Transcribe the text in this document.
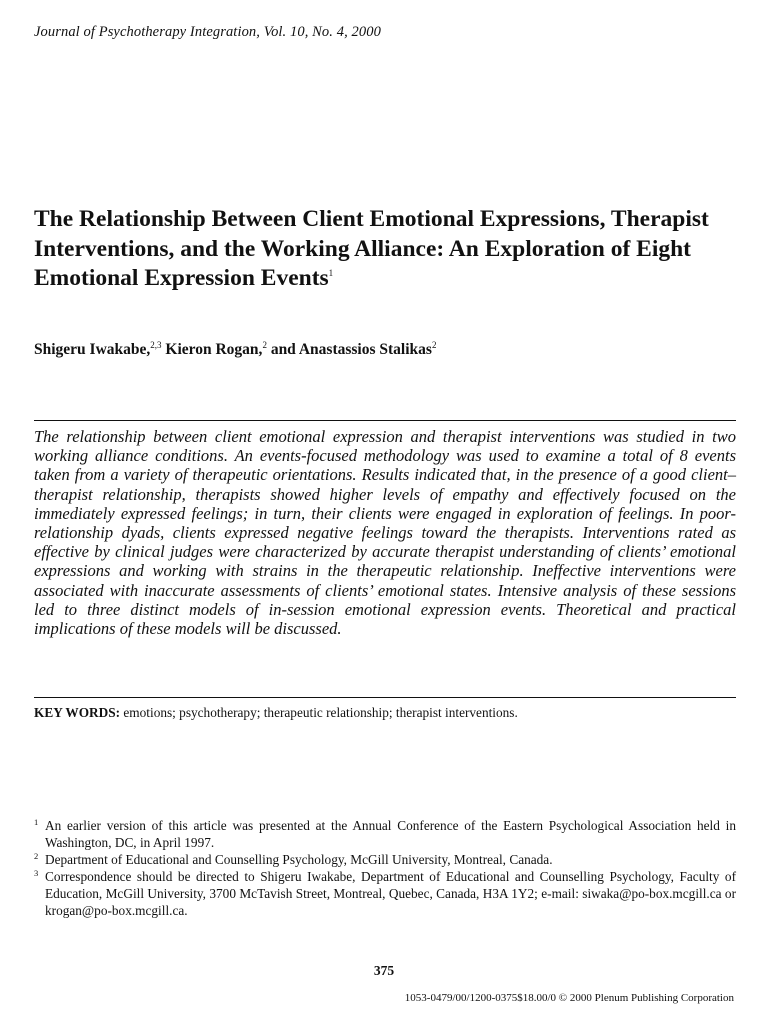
Journal of Psychotherapy Integration, Vol. 10, No. 4, 2000
The Relationship Between Client Emotional Expressions, Therapist Interventions, and the Working Alliance: An Exploration of Eight Emotional Expression Events$^1$
Shigeru Iwakabe,$^{2,3}$ Kieron Rogan,$^2$ and Anastassios Stalikas$^2$

The relationship between client emotional expression and therapist interventions was studied in two working alliance conditions. An events-focused methodology was used to examine a total of 8 events taken from a variety of therapeutic orientations. Results indicated that, in the presence of a good client–therapist relationship, therapists showed higher levels of empathy and effectively focused on the immediately expressed feelings; in turn, their clients were engaged in exploration of feelings. In poor-relationship dyads, clients expressed negative feelings toward the therapists. Interventions rated as effective by clinical judges were characterized by accurate therapist understanding of clients’ emotional expressions and working with strains in the therapeutic relationship. Ineffective interventions were associated with inaccurate assessments of clients’ emotional states. Intensive analysis of these sessions led to three distinct models of in-session emotional expression events. Theoretical and practical implications of these models will be discussed.

KEY WORDS: emotions; psychotherapy; therapeutic relationship; therapist interventions.
1 An earlier version of this article was presented at the Annual Conference of the Eastern Psychological Association held in Washington, DC, in April 1997.
2 Department of Educational and Counselling Psychology, McGill University, Montreal, Canada.
3 Correspondence should be directed to Shigeru Iwakabe, Department of Educational and Counselling Psychology, Faculty of Education, McGill University, 3700 McTavish Street, Montreal, Quebec, Canada, H3A 1Y2; e-mail: siwaka@po-box.mcgill.ca or krogan@po-box.mcgill.ca.
375
1053-0479/00/1200-0375$18.00/0 © 2000 Plenum Publishing Corporation
